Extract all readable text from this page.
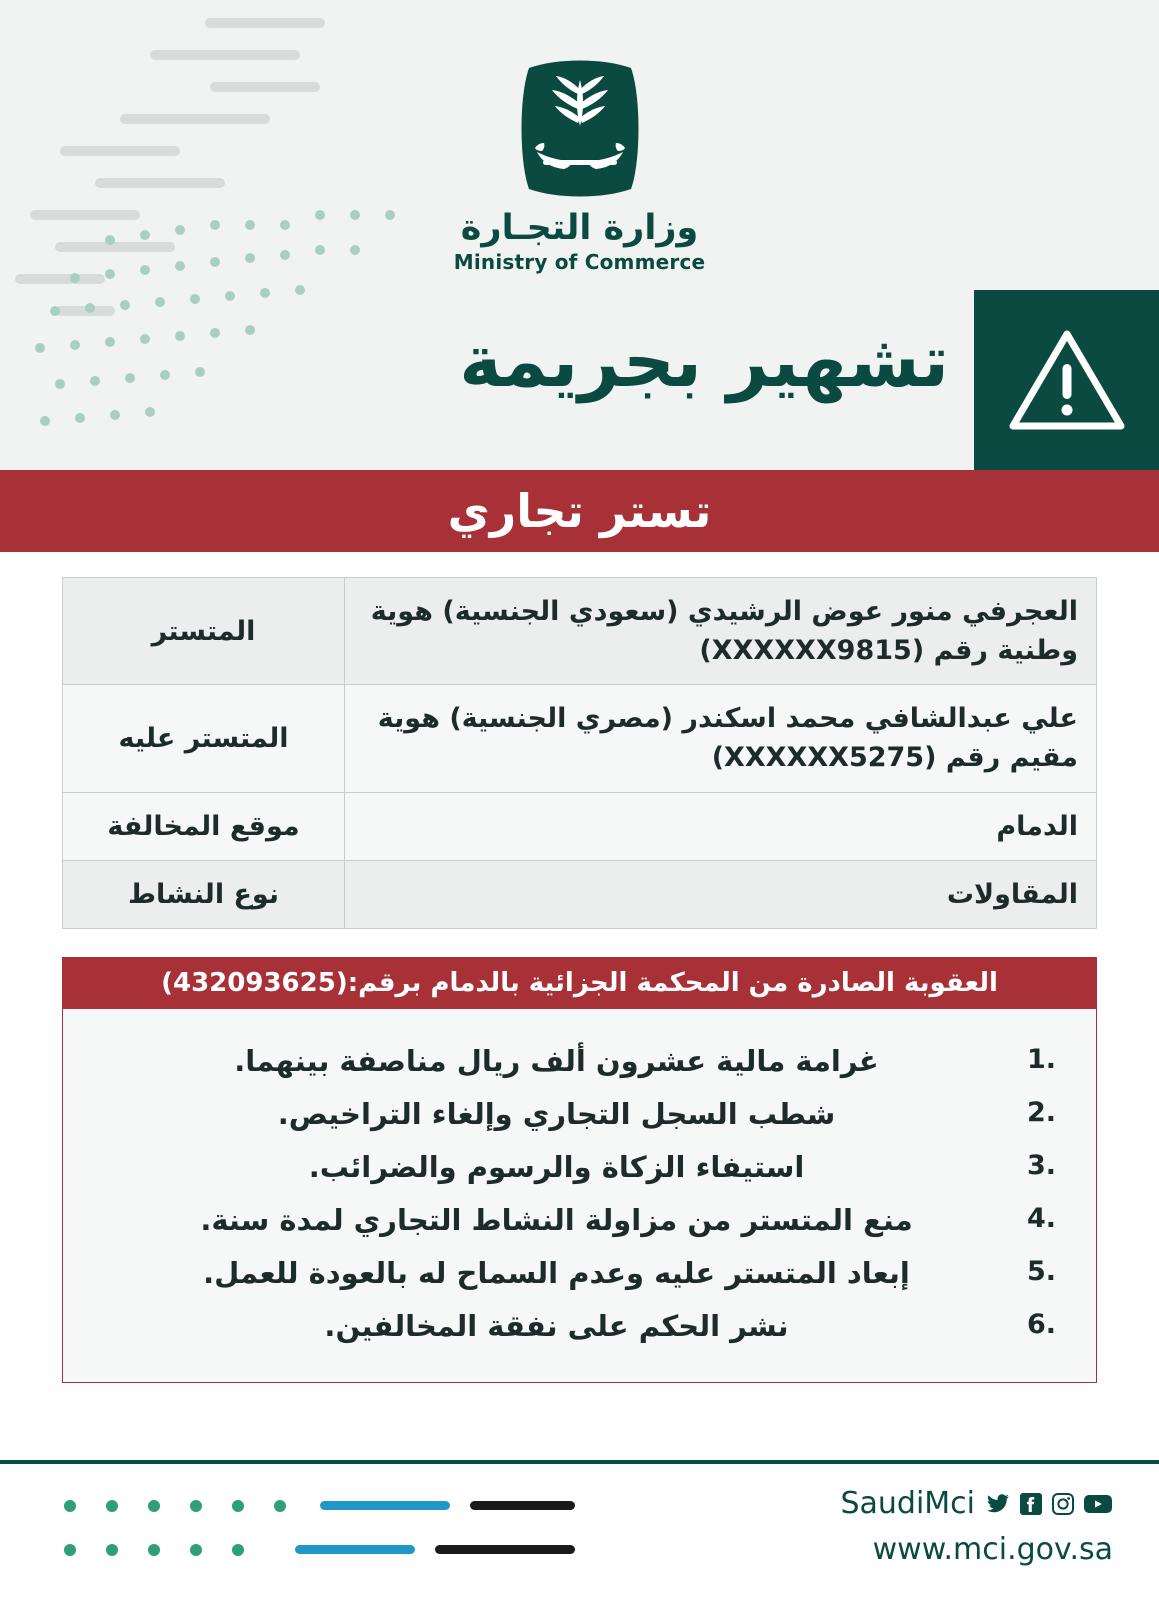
وزارة التجـارة
Ministry of Commerce
تشهير بجريمة
تستر تجاري
العجرفي منور عوض الرشيدي (سعودي الجنسية) هوية وطنية رقم (XXXXXX9815)	المتستر
علي عبدالشافي محمد اسكندر (مصري الجنسية) هوية مقيم رقم (XXXXXX5275)	المتستر عليه
الدمام	موقع المخالفة
المقاولات	نوع النشاط
العقوبة الصادرة من المحكمة الجزائية بالدمام برقم:(432093625)
غرامة مالية عشرون ألف ريال مناصفة بينهما.
شطب السجل التجاري وإلغاء التراخيص.
استيفاء الزكاة والرسوم والضرائب.
منع المتستر من مزاولة النشاط التجاري لمدة سنة.
إبعاد المتستر عليه وعدم السماح له بالعودة للعمل.
نشر الحكم على نفقة المخالفين.
SaudiMci
www.mci.gov.sa
